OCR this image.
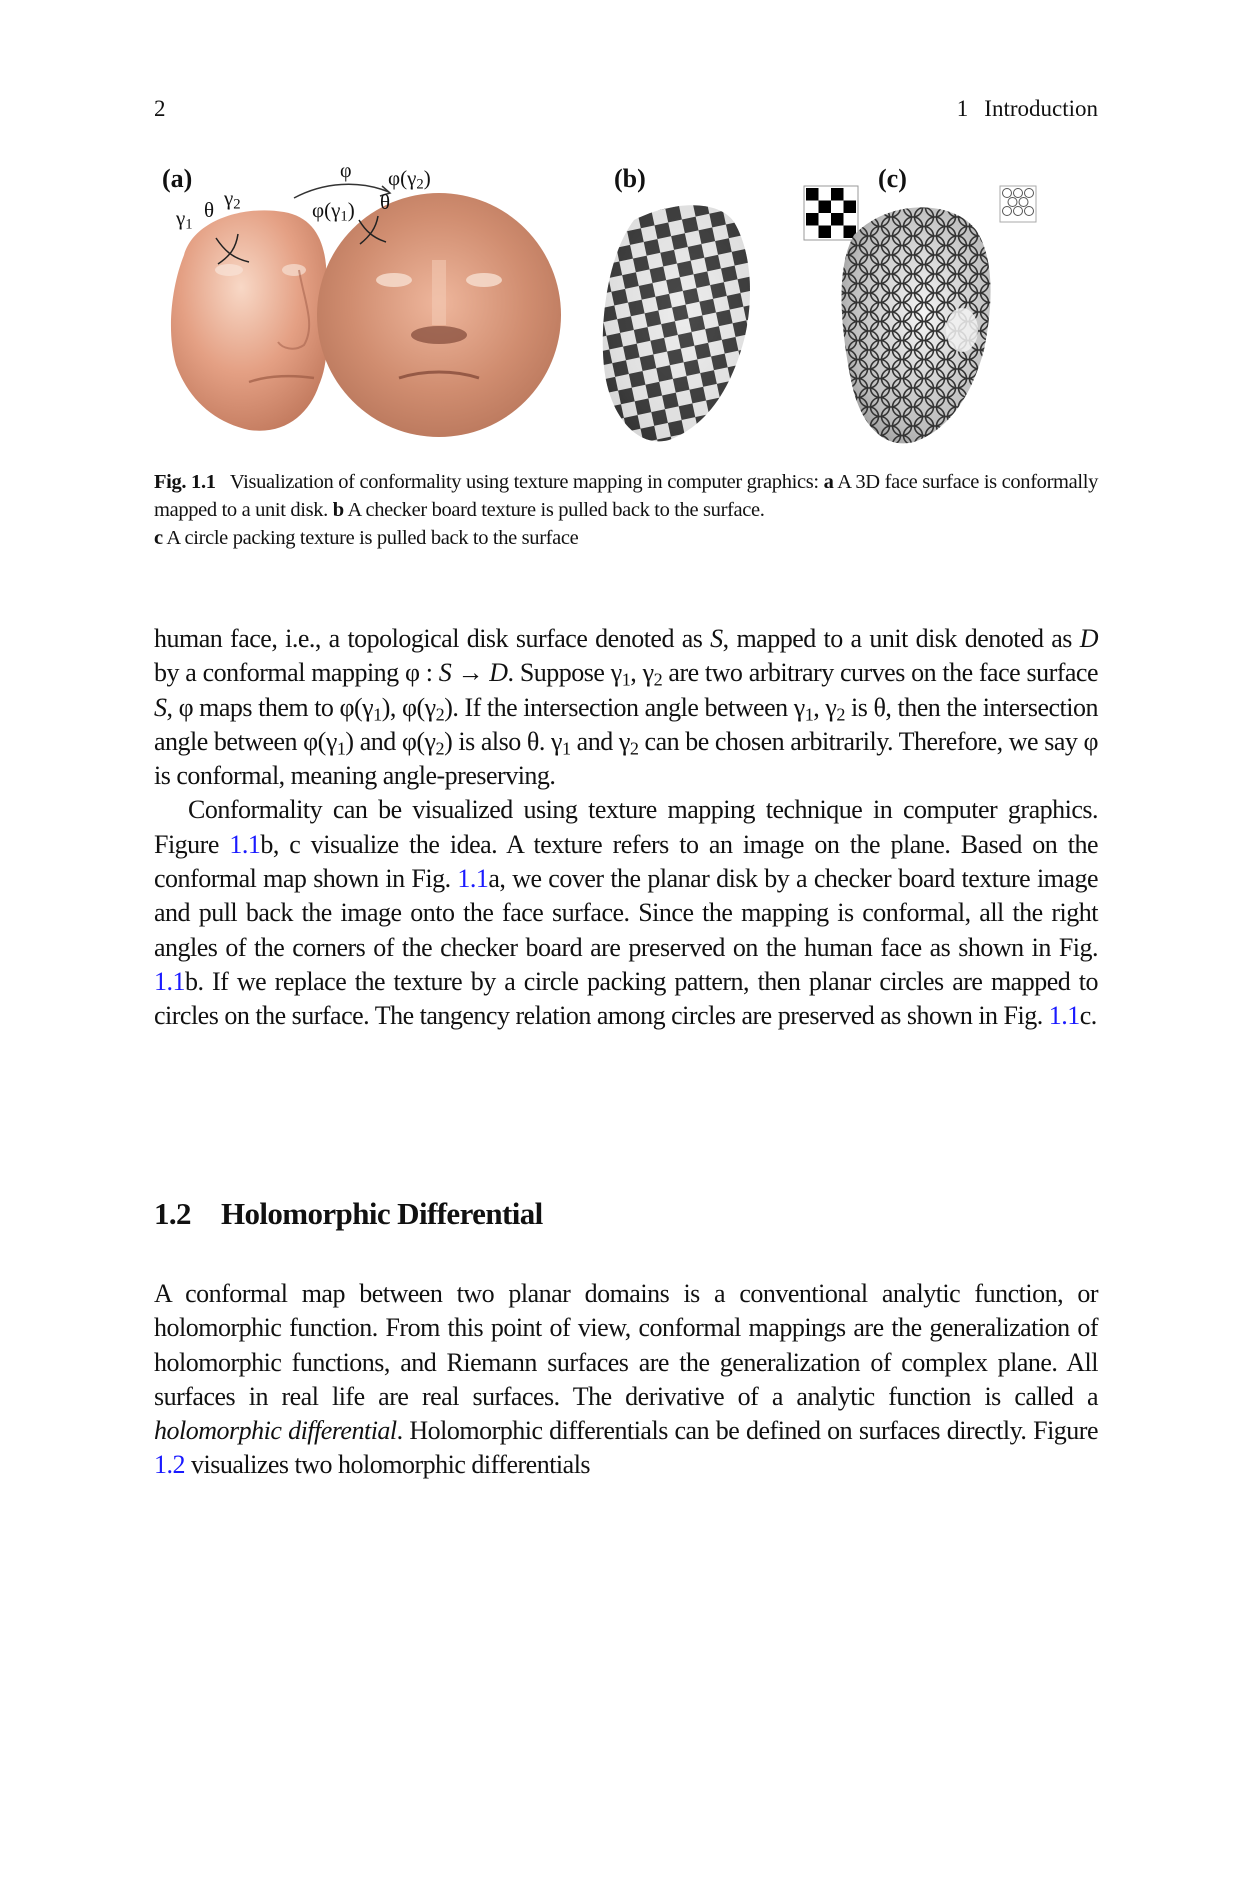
2	1 Introduction
(a)	(b)	(c)
$\gamma_1$
θ $\gamma_2$
φ
$\varphi(\gamma_1)$ θ
$\varphi(\gamma_2)$
Fig. 1.1 Visualization of conformality using texture mapping in computer graphics: a A 3D face surface is conformally mapped to a unit disk. b A checker board texture is pulled back to the surface.
c A circle packing texture is pulled back to the surface

human face, i.e., a topological disk surface denoted as S, mapped to a unit disk denoted as D by a conformal mapping φ : S → D. Suppose $\gamma_1$, $\gamma_2$ are two arbitrary curves on the face surface S, φ maps them to $\varphi(\gamma_1)$, $\varphi(\gamma_2)$. If the intersection angle between $\gamma_1$, $\gamma_2$ is θ, then the intersection angle between $\varphi(\gamma_1)$ and $\varphi(\gamma_2)$ is also θ. $\gamma_1$ and $\gamma_2$ can be chosen arbitrarily. Therefore, we say φ is conformal, meaning angle-preserving.

Conformality can be visualized using texture mapping technique in computer graphics. Figure 1.1b, c visualize the idea. A texture refers to an image on the plane. Based on the conformal map shown in Fig. 1.1a, we cover the planar disk by a checker board texture image and pull back the image onto the face surface. Since the mapping is conformal, all the right angles of the corners of the checker board are preserved on the human face as shown in Fig. 1.1b. If we replace the texture by a circle packing pattern, then planar circles are mapped to circles on the surface. The tangency relation among circles are preserved as shown in Fig. 1.1c.

1.2 Holomorphic Differential

A conformal map between two planar domains is a conventional analytic function, or holomorphic function. From this point of view, conformal mappings are the generalization of holomorphic functions, and Riemann surfaces are the generalization of complex plane. All surfaces in real life are real surfaces. The derivative of a analytic function is called a holomorphic differential. Holomorphic differentials can be defined on surfaces directly. Figure 1.2 visualizes two holomorphic differentials
